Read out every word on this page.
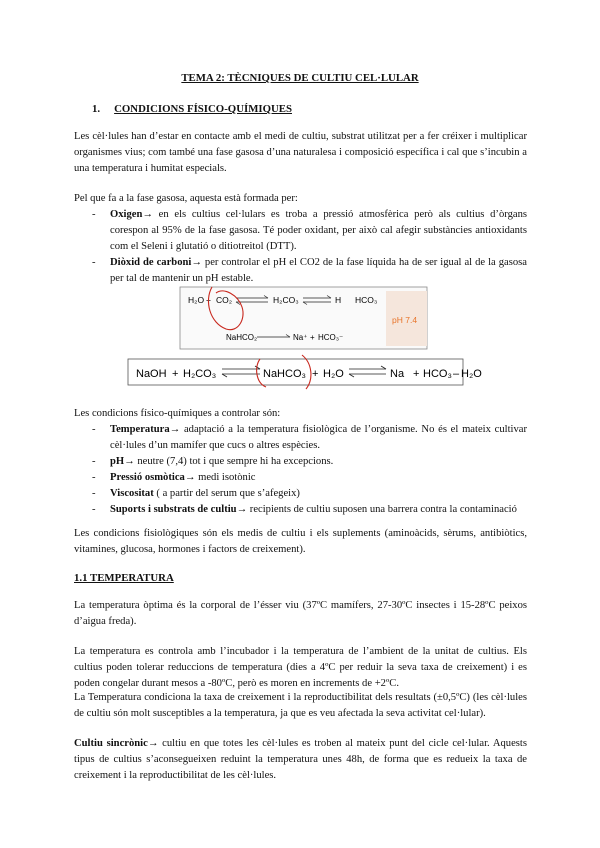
TEMA 2: TÈCNIQUES DE CULTIU CEL·LULAR
1. CONDICIONS FÍSICO-QUÍMIQUES
Les cèl·lules han d’estar en contacte amb el medi de cultiu, substrat utilitzat per a fer créixer i multiplicar organismes vius; com també una fase gasosa d’una naturalesa i composició específica i cal que s’incubin a una temperatura i humitat especials.
Pel que fa a la fase gasosa, aquesta està formada per:
- Oxigen→ en els cultius cel·lulars es troba a pressió atmosfèrica però als cultius d’òrgans corespon al 95% de la fase gasosa. Té poder oxidant, per això cal afegir substàncies antioxidants com el Seleni i glutatió o ditiotreitol (DTT).
- Diòxid de carboni→ per controlar el pH el CO2 de la fase líquida ha de ser igual al de la gasosa per tal de mantenir un pH estable.
H₂O + CO₂	H₂CO₃	H HCO₃
NaHCO₂	Na⁺ + HCO₃⁻
pH 7.4
NaOH + H₂CO₃	NaHCO₃ + H₂O	Na + HCO₃ – H₂O
Les condicions físico-químiques a controlar són:
- Temperatura→ adaptació a la temperatura fisiològica de l’organisme. No és el mateix cultivar cèl·lules d’un mamífer que cucs o altres espècies.
- pH→ neutre (7,4) tot i que sempre hi ha excepcions.
- Pressió osmòtica→ medi isotònic
- Viscositat ( a partir del serum que s’afegeix)
- Suports i substrats de cultiu→ recipients de cultiu suposen una barrera contra la contaminació
Les condicions fisiològiques són els medis de cultiu i els suplements (aminoàcids, sèrums, antibiòtics, vitamines, glucosa, hormones i factors de creixement).
1.1 TEMPERATURA
La temperatura òptima és la corporal de l’ésser viu (37ºC mamífers, 27-30ºC insectes i 15-28ºC peixos d’aigua freda).
La temperatura es controla amb l’incubador i la temperatura de l’ambient de la unitat de cultius. Els cultius poden tolerar reduccions de temperatura (dies a 4ºC per reduir la seva taxa de creixement) i es poden congelar durant mesos a -80ºC, però es moren en increments de +2ºC.
La Temperatura condiciona la taxa de creixement i la reproductibilitat dels resultats (±0,5ºC) (les cèl·lules de cultiu són molt susceptibles a la temperatura, ja que es veu afectada la seva activitat cel·lular).
Cultiu sincrònic→ cultiu en que totes les cèl·lules es troben al mateix punt del cicle cel·lular. Aquests tipus de cultius s’aconsegueixen reduint la temperatura unes 48h, de forma que es redueix la taxa de creixement i la reproductibilitat de les cèl·lules.
